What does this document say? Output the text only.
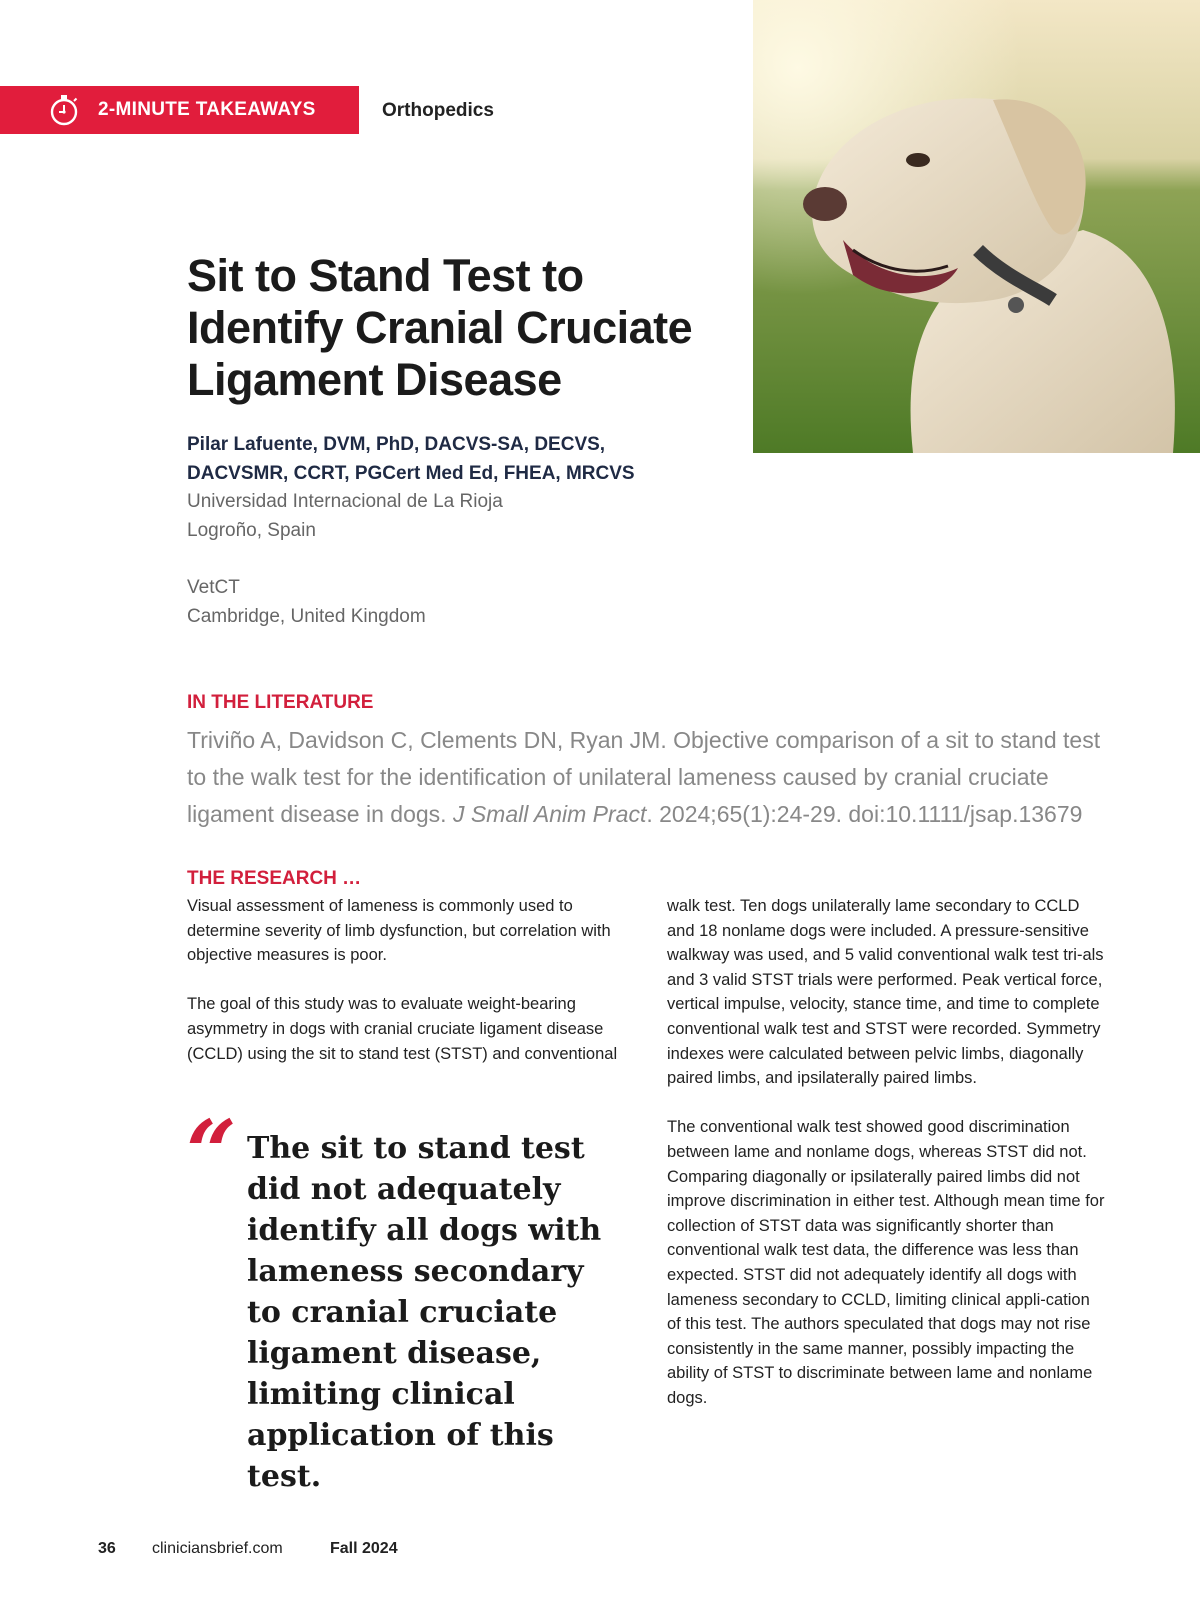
2-MINUTE TAKEAWAYS	Orthopedics
Sit to Stand Test to Identify Cranial Cruciate Ligament Disease
Pilar Lafuente, DVM, PhD, DACVS-SA, DECVS, DACVSMR, CCRT, PGCert Med Ed, FHEA, MRCVS
Universidad Internacional de La Rioja
Logroño, Spain
VetCT
Cambridge, United Kingdom
IN THE LITERATURE
Triviño A, Davidson C, Clements DN, Ryan JM. Objective comparison of a sit to stand test to the walk test for the identification of unilateral lameness caused by cranial cruciate ligament disease in dogs. J Small Anim Pract. 2024;65(1):24-29. doi:10.1111/jsap.13679
THE RESEARCH …

Visual assessment of lameness is commonly used to determine severity of limb dysfunction, but correlation with objective measures is poor.

The goal of this study was to evaluate weight-bearing asymmetry in dogs with cranial cruciate ligament disease (CCLD) using the sit to stand test (STST) and conventional

walk test. Ten dogs unilaterally lame secondary to CCLD and 18 nonlame dogs were included. A pressure-sensitive walkway was used, and 5 valid conventional walk test tri-als and 3 valid STST trials were performed. Peak vertical force, vertical impulse, velocity, stance time, and time to complete conventional walk test and STST were recorded. Symmetry indexes were calculated between pelvic limbs, diagonally paired limbs, and ipsilaterally paired limbs.

The conventional walk test showed good discrimination between lame and nonlame dogs, whereas STST did not. Comparing diagonally or ipsilaterally paired limbs did not improve discrimination in either test. Although mean time for collection of STST data was significantly shorter than conventional walk test data, the difference was less than expected. STST did not adequately identify all dogs with lameness secondary to CCLD, limiting clinical appli-cation of this test. The authors speculated that dogs may not rise consistently in the same manner, possibly impacting the ability of STST to discriminate between lame and nonlame dogs.

“ The sit to stand test did not adequately identify all dogs with lameness secondary to cranial cruciate ligament disease, limiting clinical application of this test.
36 cliniciansbrief.com	Fall 2024
